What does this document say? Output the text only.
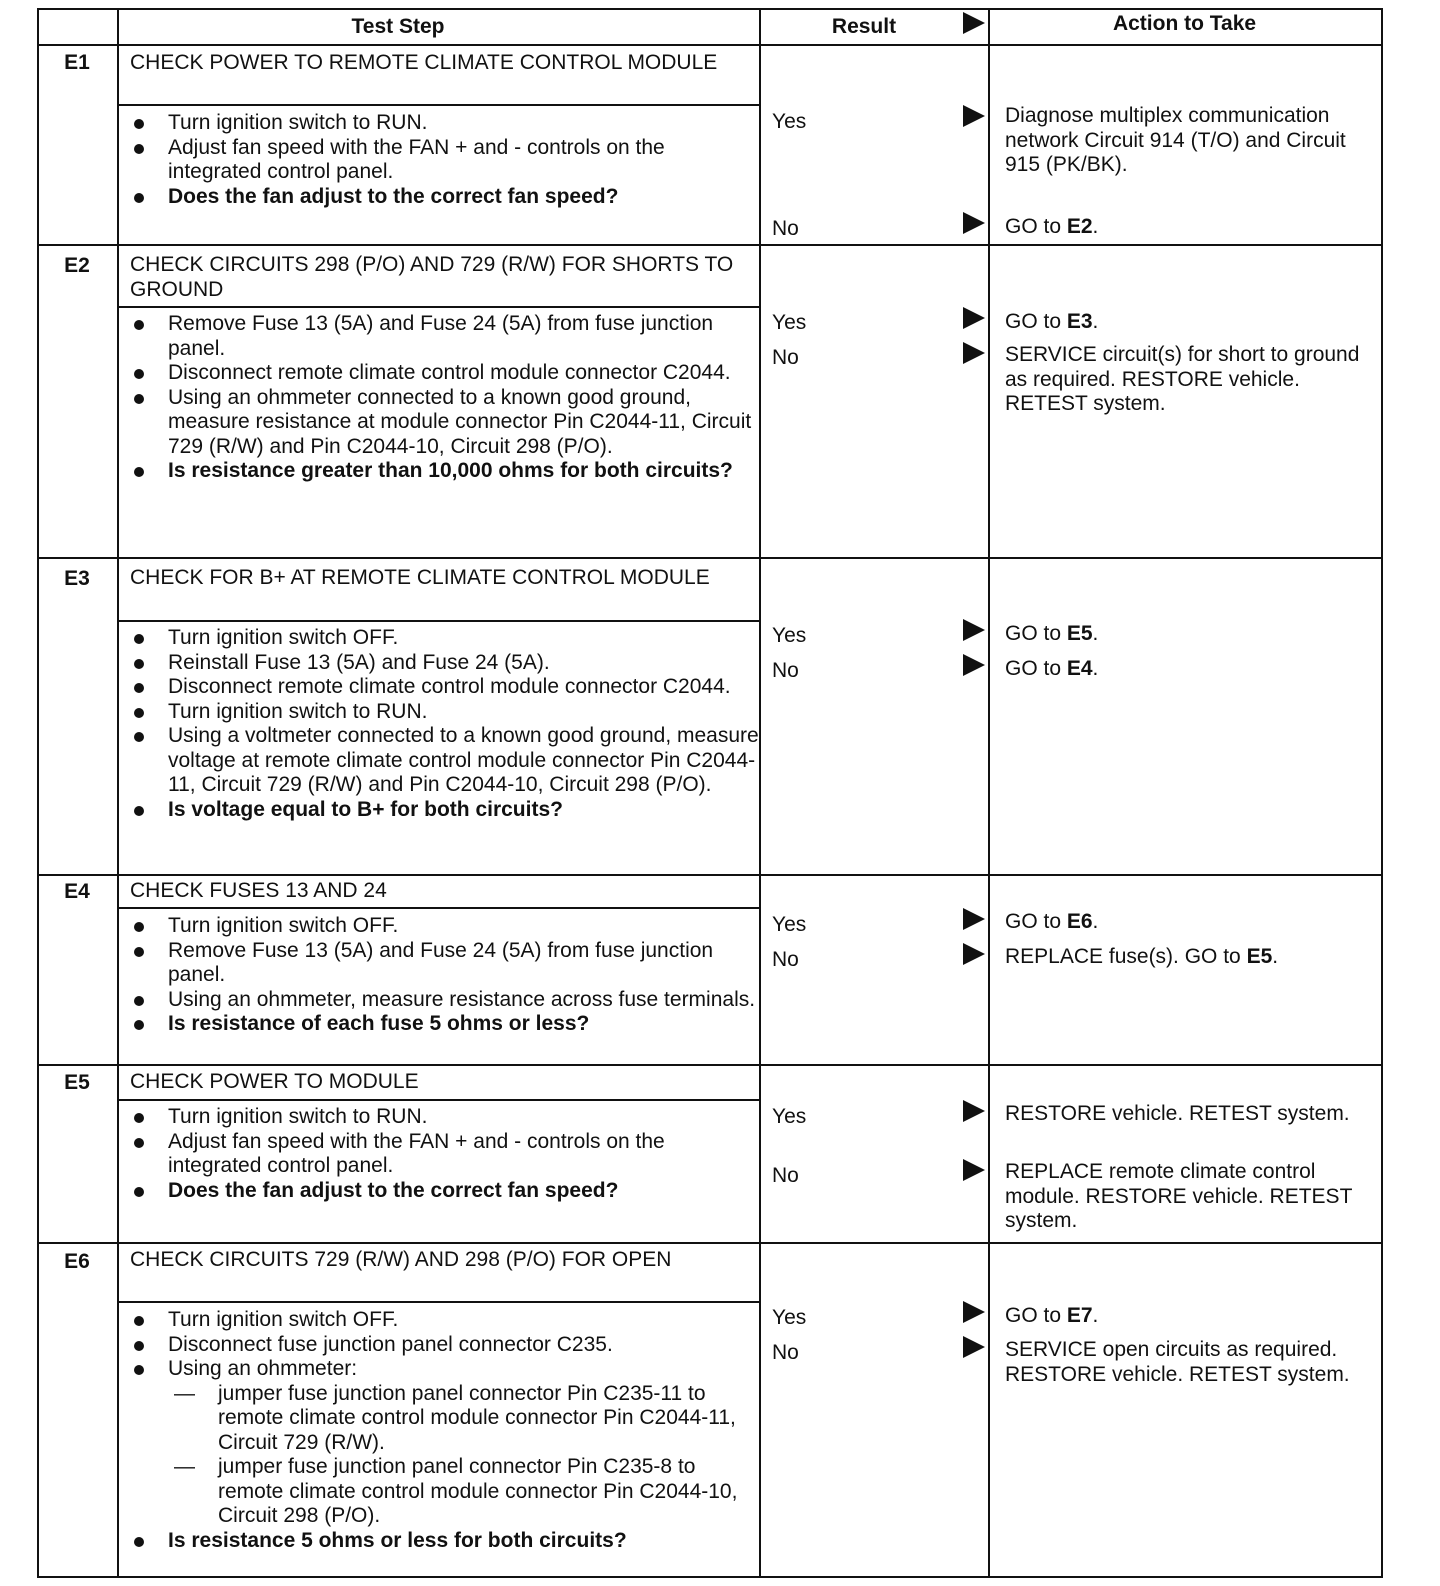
Test Step	Result	Action to Take
E1	CHECK POWER TO REMOTE CLIMATE CONTROL MODULE
Turn ignition switch to RUN.
Adjust fan speed with the FAN + and - controls on the integrated control panel.
Does the fan adjust to the correct fan speed?
Yes	Diagnose multiplex communication network Circuit 914 (T/O) and Circuit 915 (PK/BK).
No	GO to E2.
E2	CHECK CIRCUITS 298 (P/O) AND 729 (R/W) FOR SHORTS TO GROUND
Remove Fuse 13 (5A) and Fuse 24 (5A) from fuse junction panel.
Disconnect remote climate control module connector C2044.
Using an ohmmeter connected to a known good ground, measure resistance at module connector Pin C2044-11, Circuit 729 (R/W) and Pin C2044-10, Circuit 298 (P/O).
Is resistance greater than 10,000 ohms for both circuits?
Yes	GO to E3.
No	SERVICE circuit(s) for short to ground as required. RESTORE vehicle. RETEST system.
E3	CHECK FOR B+ AT REMOTE CLIMATE CONTROL MODULE
Turn ignition switch OFF.
Reinstall Fuse 13 (5A) and Fuse 24 (5A).
Disconnect remote climate control module connector C2044.
Turn ignition switch to RUN.
Using a voltmeter connected to a known good ground, measure voltage at remote climate control module connector Pin C2044-11, Circuit 729 (R/W) and Pin C2044-10, Circuit 298 (P/O).
Is voltage equal to B+ for both circuits?
Yes	GO to E5.
No	GO to E4.
E4	CHECK FUSES 13 AND 24
Turn ignition switch OFF.
Remove Fuse 13 (5A) and Fuse 24 (5A) from fuse junction panel.
Using an ohmmeter, measure resistance across fuse terminals.
Is resistance of each fuse 5 ohms or less?
Yes	GO to E6.
No	REPLACE fuse(s). GO to E5.
E5	CHECK POWER TO MODULE
Turn ignition switch to RUN.
Adjust fan speed with the FAN + and - controls on the integrated control panel.
Does the fan adjust to the correct fan speed?
Yes	RESTORE vehicle. RETEST system.
No	REPLACE remote climate control module. RESTORE vehicle. RETEST system.
E6	CHECK CIRCUITS 729 (R/W) AND 298 (P/O) FOR OPEN
Turn ignition switch OFF.
Disconnect fuse junction panel connector C235.
Using an ohmmeter:
— jumper fuse junction panel connector Pin C235-11 to remote climate control module connector Pin C2044-11, Circuit 729 (R/W).
— jumper fuse junction panel connector Pin C235-8 to remote climate control module connector Pin C2044-10, Circuit 298 (P/O).
Is resistance 5 ohms or less for both circuits?
Yes	GO to E7.
No	SERVICE open circuits as required. RESTORE vehicle. RETEST system.
